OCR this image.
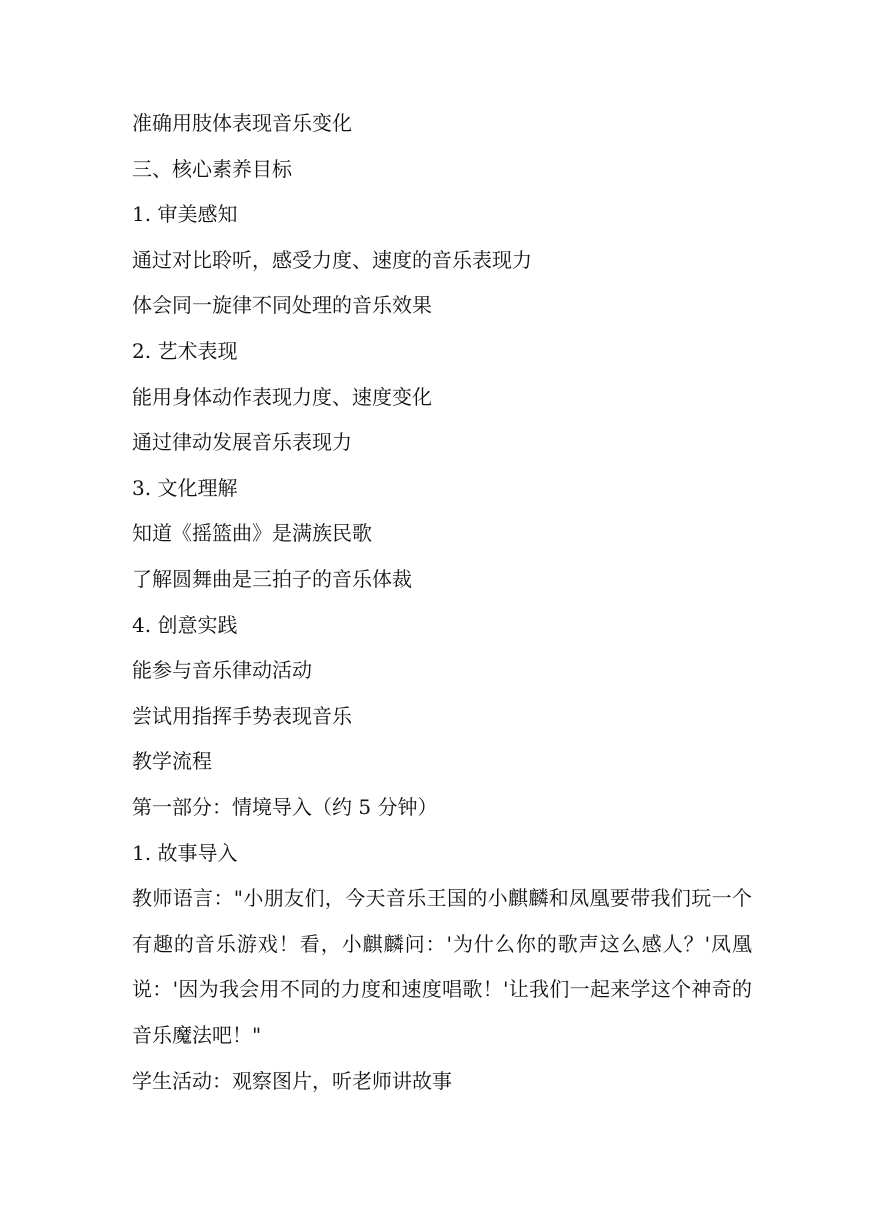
准确用肢体表现音乐变化
三、核心素养目标
1. 审美感知
通过对比聆听，感受力度、速度的音乐表现力
体会同一旋律不同处理的音乐效果
2. 艺术表现
能用身体动作表现力度、速度变化
通过律动发展音乐表现力
3. 文化理解
知道《摇篮曲》是满族民歌
了解圆舞曲是三拍子的音乐体裁
4. 创意实践
能参与音乐律动活动
尝试用指挥手势表现音乐
教学流程
第一部分：情境导入（约 5 分钟）
1. 故事导入
教师语言："小朋友们，今天音乐王国的小麒麟和凤凰要带我们玩一个有趣的音乐游戏！看，小麒麟问：'为什么你的歌声这么感人？'凤凰说：'因为我会用不同的力度和速度唱歌！'让我们一起来学这个神奇的音乐魔法吧！"
学生活动：观察图片，听老师讲故事
